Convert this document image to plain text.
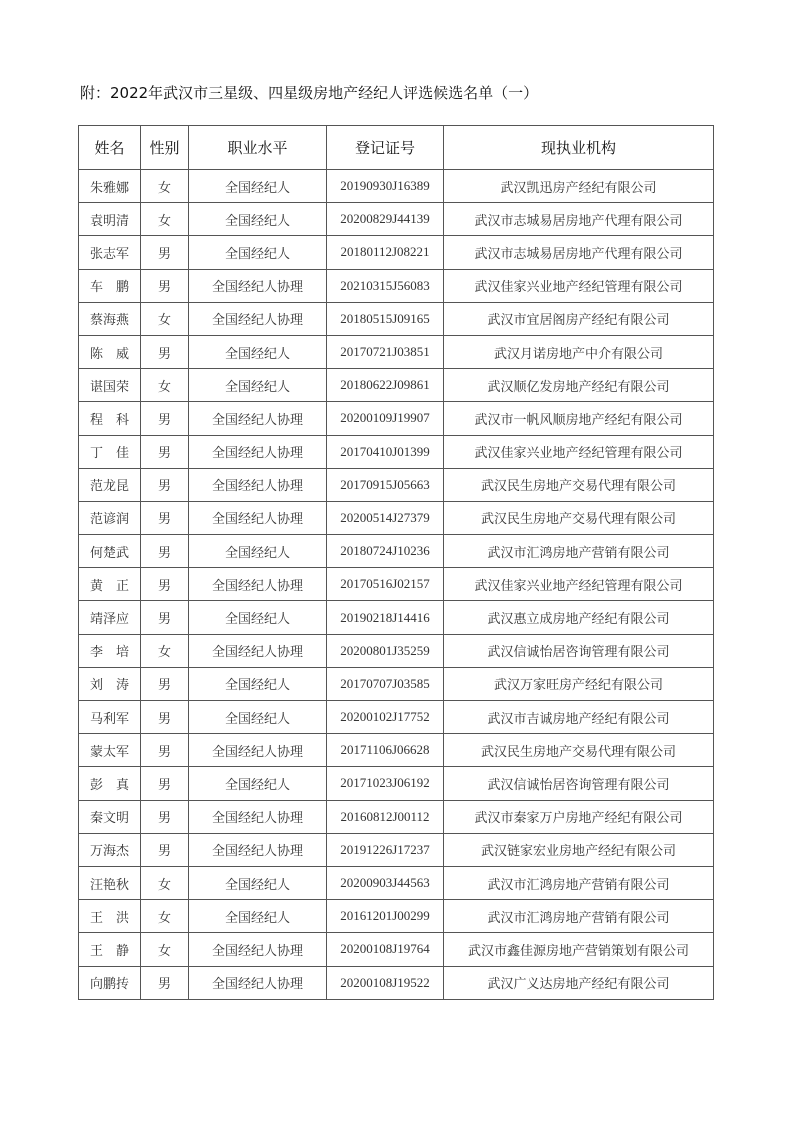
附：2022年武汉市三星级、四星级房地产经纪人评选候选名单（一）
姓名	性别	职业水平	登记证号	现执业机构
朱雅娜	女	全国经纪人	20190930J16389	武汉凯迅房产经纪有限公司
袁明清	女	全国经纪人	20200829J44139	武汉市志城易居房地产代理有限公司
张志军	男	全国经纪人	20180112J08221	武汉市志城易居房地产代理有限公司
车　鹏	男	全国经纪人协理	20210315J56083	武汉佳家兴业地产经纪管理有限公司
蔡海燕	女	全国经纪人协理	20180515J09165	武汉市宜居阁房产经纪有限公司
陈　威	男	全国经纪人	20170721J03851	武汉月诺房地产中介有限公司
谌国荣	女	全国经纪人	20180622J09861	武汉顺亿发房地产经纪有限公司
程　科	男	全国经纪人协理	20200109J19907	武汉市一帆风顺房地产经纪有限公司
丁　佳	男	全国经纪人协理	20170410J01399	武汉佳家兴业地产经纪管理有限公司
范龙昆	男	全国经纪人协理	20170915J05663	武汉民生房地产交易代理有限公司
范谚润	男	全国经纪人协理	20200514J27379	武汉民生房地产交易代理有限公司
何楚武	男	全国经纪人	20180724J10236	武汉市汇鸿房地产营销有限公司
黄　正	男	全国经纪人协理	20170516J02157	武汉佳家兴业地产经纪管理有限公司
靖泽应	男	全国经纪人	20190218J14416	武汉惠立成房地产经纪有限公司
李　培	女	全国经纪人协理	20200801J35259	武汉信诚怡居咨询管理有限公司
刘　涛	男	全国经纪人	20170707J03585	武汉万家旺房产经纪有限公司
马利军	男	全国经纪人	20200102J17752	武汉市吉诚房地产经纪有限公司
蒙太军	男	全国经纪人协理	20171106J06628	武汉民生房地产交易代理有限公司
彭　真	男	全国经纪人	20171023J06192	武汉信诚怡居咨询管理有限公司
秦文明	男	全国经纪人协理	20160812J00112	武汉市秦家万户房地产经纪有限公司
万海杰	男	全国经纪人协理	20191226J17237	武汉链家宏业房地产经纪有限公司
汪艳秋	女	全国经纪人	20200903J44563	武汉市汇鸿房地产营销有限公司
王　洪	女	全国经纪人	20161201J00299	武汉市汇鸿房地产营销有限公司
王　静	女	全国经纪人协理	20200108J19764	武汉市鑫佳源房地产营销策划有限公司
向鹏抟	男	全国经纪人协理	20200108J19522	武汉广义达房地产经纪有限公司
